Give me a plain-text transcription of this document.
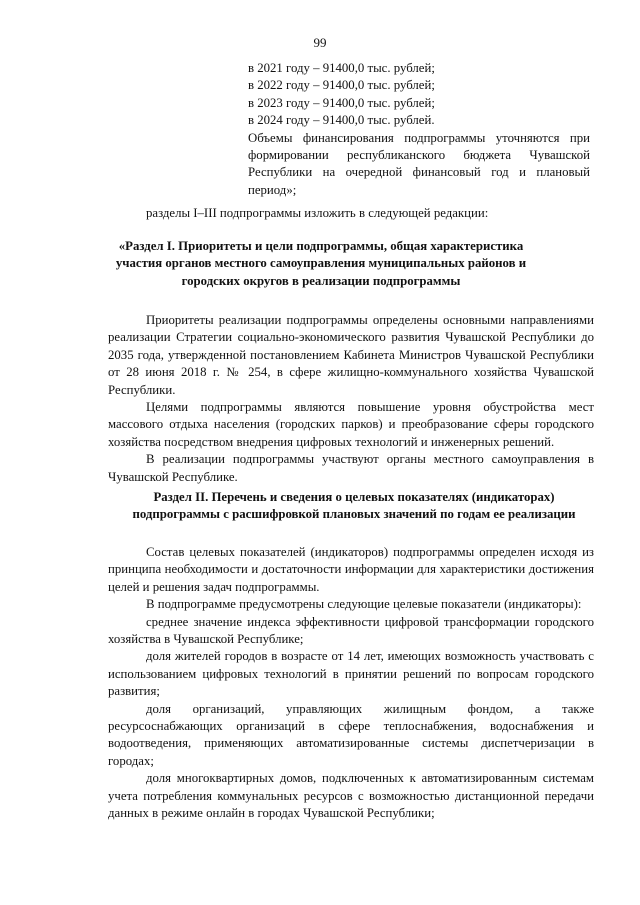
99
в 2021 году – 91400,0 тыс. рублей;
в 2022 году – 91400,0 тыс. рублей;
в 2023 году – 91400,0 тыс. рублей;
в 2024 году – 91400,0 тыс. рублей.
Объемы финансирования подпрограммы уточняются при формировании республиканского бюджета Чувашской Республики на очередной финансовый год и плановый период»;
разделы I–III подпрограммы изложить в следующей редакции:
«Раздел I. Приоритеты и цели подпрограммы, общая характеристика участия органов местного самоуправления муниципальных районов и городских округов в реализации подпрограммы

Приоритеты реализации подпрограммы определены основными направлениями реализации Стратегии социально-экономического развития Чувашской Республики до 2035 года, утвержденной постановлением Кабинета Министров Чувашской Республики от 28 июня 2018 г. № 254, в сфере жилищно-коммунального хозяйства Чувашской Республики.

Целями подпрограммы являются повышение уровня обустройства мест массового отдыха населения (городских парков) и преобразование сферы городского хозяйства посредством внедрения цифровых технологий и инженерных решений.

В реализации подпрограммы участвуют органы местного самоуправления в Чувашской Республике.

Раздел II. Перечень и сведения о целевых показателях (индикаторах) подпрограммы с расшифровкой плановых значений по годам ее реализации

Состав целевых показателей (индикаторов) подпрограммы определен исходя из принципа необходимости и достаточности информации для характеристики достижения целей и решения задач подпрограммы.

В подпрограмме предусмотрены следующие целевые показатели (индикаторы):

среднее значение индекса эффективности цифровой трансформации городского хозяйства в Чувашской Республике;

доля жителей городов в возрасте от 14 лет, имеющих возможность участвовать с использованием цифровых технологий в принятии решений по вопросам городского развития;

доля организаций, управляющих жилищным фондом, а также ресурсоснабжающих организаций в сфере теплоснабжения, водоснабжения и водоотведения, применяющих автоматизированные системы диспетчеризации в городах;

доля многоквартирных домов, подключенных к автоматизированным системам учета потребления коммунальных ресурсов с возможностью дистанционной передачи данных в режиме онлайн в городах Чувашской Республики;
